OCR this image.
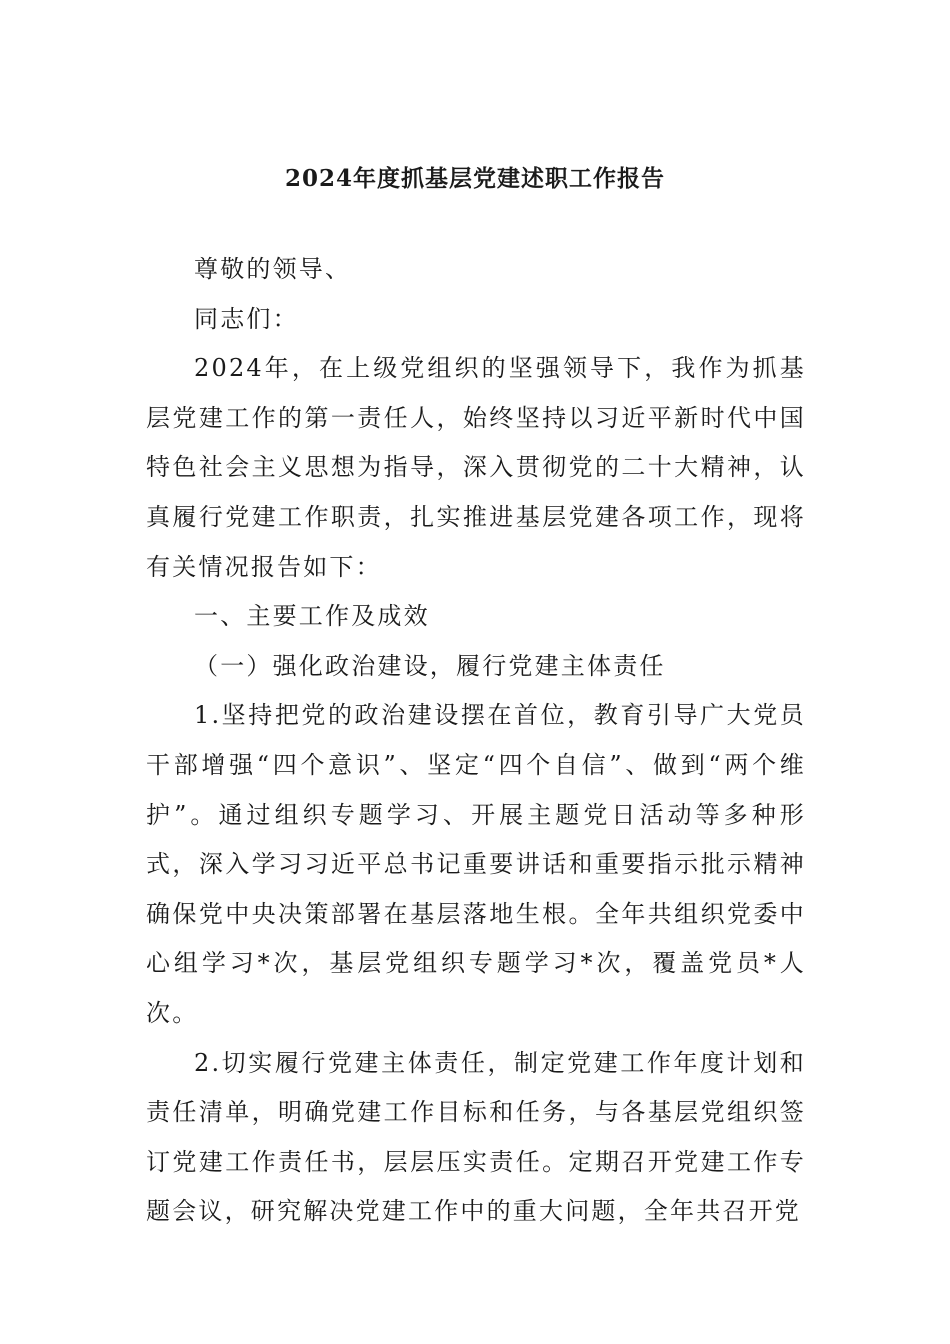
2024年度抓基层党建述职工作报告

尊敬的领导、

同志们：

2024年，在上级党组织的坚强领导下，我作为抓基层党建工作的第一责任人，始终坚持以习近平新时代中国特色社会主义思想为指导，深入贯彻党的二十大精神，认真履行党建工作职责，扎实推进基层党建各项工作，现将有关情况报告如下：

一、主要工作及成效

（一）强化政治建设，履行党建主体责任

1.坚持把党的政治建设摆在首位，教育引导广大党员干部增强“四个意识”、坚定“四个自信”、做到“两个维护”。通过组织专题学习、开展主题党日活动等多种形式，深入学习习近平总书记重要讲话和重要指示批示精神确保党中央决策部署在基层落地生根。全年共组织党委中心组学习*次，基层党组织专题学习*次，覆盖党员*人次。

2.切实履行党建主体责任，制定党建工作年度计划和责任清单，明确党建工作目标和任务，与各基层党组织签订党建工作责任书，层层压实责任。定期召开党建工作专题会议，研究解决党建工作中的重大问题，全年共召开党
